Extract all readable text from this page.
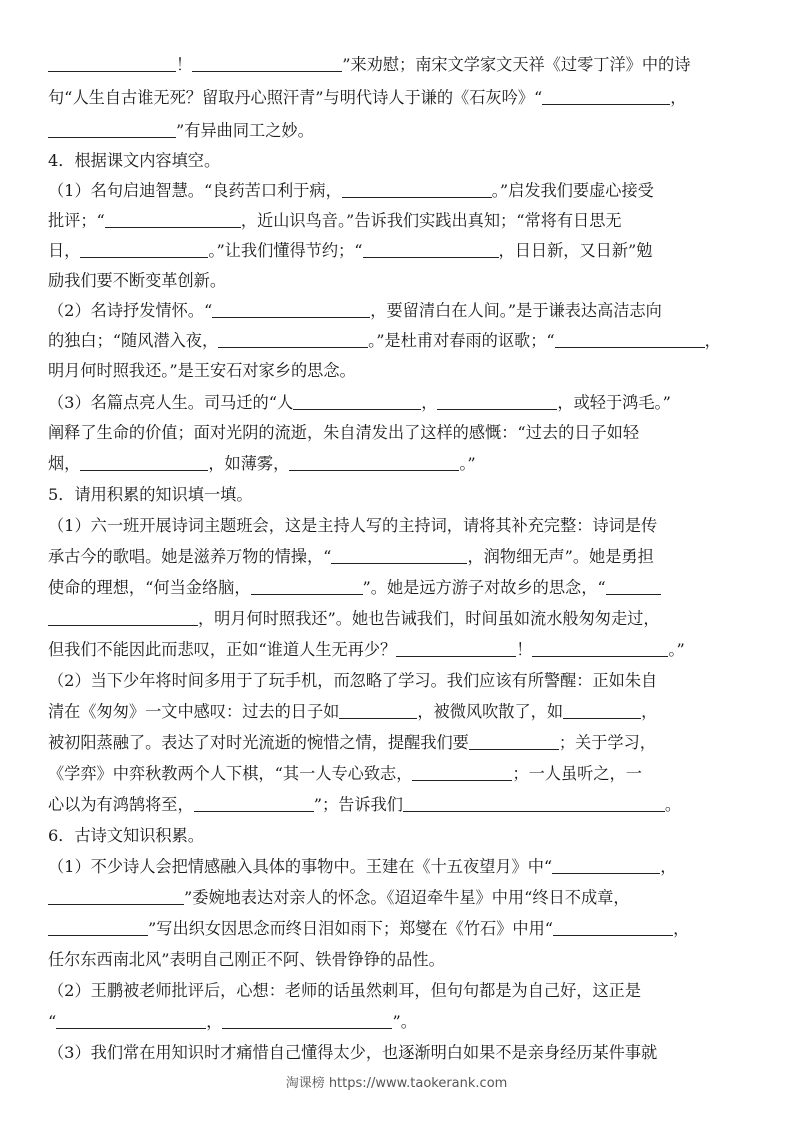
！	”来劝慰；南宋文学家文天祥《过零丁洋》中的诗
句“人生自古谁无死？留取丹心照汗青”与明代诗人于谦的《石灰吟》“	，
”有异曲同工之妙。
4．根据课文内容填空。
（1）名句启迪智慧。“良药苦口利于病，	。”启发我们要虚心接受
批评；“	，近山识鸟音。”告诉我们实践出真知；“常将有日思无
日，	。”让我们懂得节约；“	，日日新，又日新”勉
励我们要不断变革创新。
（2）名诗抒发情怀。“	，要留清白在人间。”是于谦表达高洁志向
的独白；“随风潜入夜，	。”是杜甫对春雨的讴歌；“	，
明月何时照我还。”是王安石对家乡的思念。
（3）名篇点亮人生。司马迁的“人	，	，或轻于鸿毛。”
阐释了生命的价值；面对光阴的流逝，朱自清发出了这样的感慨：“过去的日子如轻
烟，	，如薄雾，	。”
5．请用积累的知识填一填。
（1）六一班开展诗词主题班会，这是主持人写的主持词，请将其补充完整：诗词是传
承古今的歌唱。她是滋养万物的情操，“	，润物细无声”。她是勇担
使命的理想，“何当金络脑，	”。她是远方游子对故乡的思念，“
，明月何时照我还”。她也告诫我们，时间虽如流水般匆匆走过，
但我们不能因此而悲叹，正如“谁道人生无再少？	！	。”
（2）当下少年将时间多用于了玩手机，而忽略了学习。我们应该有所警醒：正如朱自
清在《匆匆》一文中感叹：过去的日子如	，被微风吹散了，如	，
被初阳蒸融了。表达了对时光流逝的惋惜之情，提醒我们要	；关于学习，
《学弈》中弈秋教两个人下棋，“其一人专心致志，	；一人虽听之，一
心以为有鸿鹄将至，	”；告诉我们	。
6．古诗文知识积累。
（1）不少诗人会把情感融入具体的事物中。王建在《十五夜望月》中“	，
”委婉地表达对亲人的怀念。《迢迢牵牛星》中用“终日不成章，
”写出织女因思念而终日泪如雨下；郑燮在《竹石》中用“	，
任尔东西南北风”表明自己刚正不阿、铁骨铮铮的品性。
（2）王鹏被老师批评后，心想：老师的话虽然刺耳，但句句都是为自己好，这正是
“	，	”。
（3）我们常在用知识时才痛惜自己懂得太少，也逐渐明白如果不是亲身经历某件事就
淘课榜 https://www.taokerank.com
